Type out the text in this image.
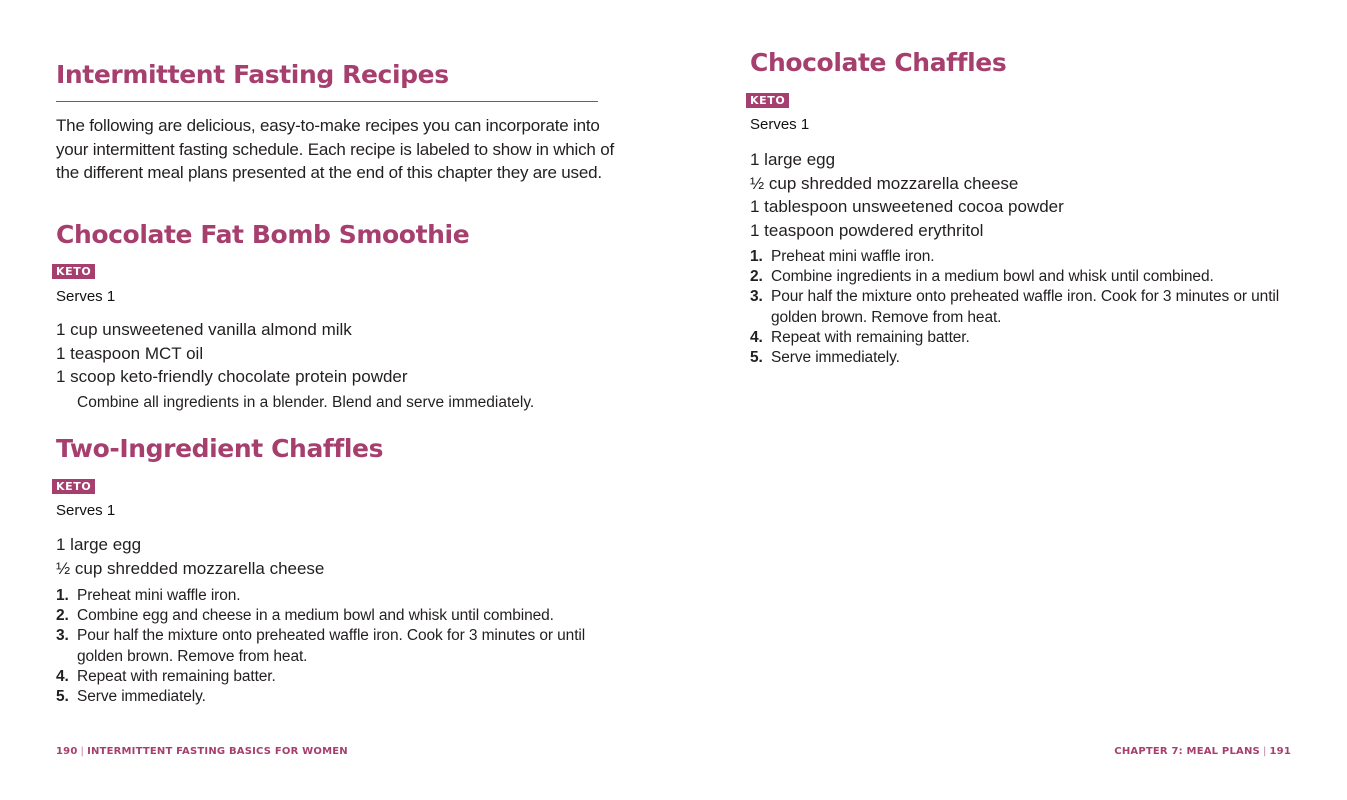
Intermittent Fasting Recipes

The following are delicious, easy-to-make recipes you can incorporate into your intermittent fasting schedule. Each recipe is labeled to show in which of the different meal plans presented at the end of this chapter they are used.

Chocolate Fat Bomb Smoothie
KETO
Serves 1
1 cup unsweetened vanilla almond milk
1 teaspoon MCT oil
1 scoop keto-friendly chocolate protein powder
Combine all ingredients in a blender. Blend and serve immediately.
Two-Ingredient Chaffles
KETO
Serves 1
1 large egg
½ cup shredded mozzarella cheese
1. Preheat mini waffle iron.
2. Combine egg and cheese in a medium bowl and whisk until combined.
3. Pour half the mixture onto preheated waffle iron. Cook for 3 minutes or until golden brown. Remove from heat.
4. Repeat with remaining batter.
5. Serve immediately.
Chocolate Chaffles
KETO
Serves 1
1 large egg
½ cup shredded mozzarella cheese
1 tablespoon unsweetened cocoa powder
1 teaspoon powdered erythritol
1. Preheat mini waffle iron.
2. Combine ingredients in a medium bowl and whisk until combined.
3. Pour half the mixture onto preheated waffle iron. Cook for 3 minutes or until golden brown. Remove from heat.
4. Repeat with remaining batter.
5. Serve immediately.
190 | INTERMITTENT FASTING BASICS FOR WOMEN	CHAPTER 7: MEAL PLANS | 191
